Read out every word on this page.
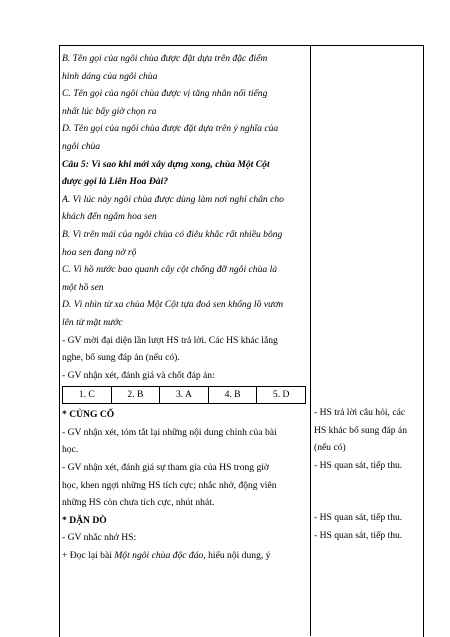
B. Tên gọi của ngôi chùa được đặt dựa trên đặc điểm

hình dáng của ngôi chùa

C. Tên gọi của ngôi chùa được vị tăng nhân nổi tiếng

nhất lúc bấy giờ chọn ra

D. Tên gọi của ngôi chùa được đặt dựa trên ý nghĩa của

ngôi chùa

Câu 5: Vì sao khi mới xây dựng xong, chùa Một Cột

được gọi là Liên Hoa Đài?

A. Vì lúc này ngôi chùa được dùng làm nơi nghỉ chân cho

khách đến ngắm hoa sen

B. Vì trên mái của ngôi chùa có điêu khắc rất nhiều bông

hoa sen đang nở rộ

C. Vì hồ nước bao quanh cây cột chống đỡ ngôi chùa là

một hồ sen

D. Vì nhìn từ xa chùa Một Cột tựa đoá sen khổng lồ vươn

lên từ mặt nước

- GV mời đại diện lần lượt HS trả lời. Các HS khác lắng

nghe, bổ sung đáp án (nếu có).

- GV nhận xét, đánh giá và chốt đáp án:

1. C	2. B	3. A	4. B	5. D

* CỦNG CỐ

- GV nhận xét, tóm tắt lại những nội dung chính của bài

học.

- GV nhận xét, đánh giá sự tham gia của HS trong giờ

học, khen ngợi những HS tích cực; nhắc nhở, động viên

những HS còn chưa tích cực, nhút nhát.

* DẶN DÒ

- GV nhắc nhở HS:

+ Đọc lại bài Một ngôi chùa độc đáo, hiểu nội dung, ý

- HS trả lời câu hỏi, các

HS khác bổ sung đáp án

(nếu có)

- HS quan sát, tiếp thu.

- HS quan sát, tiếp thu.

- HS quan sát, tiếp thu.
